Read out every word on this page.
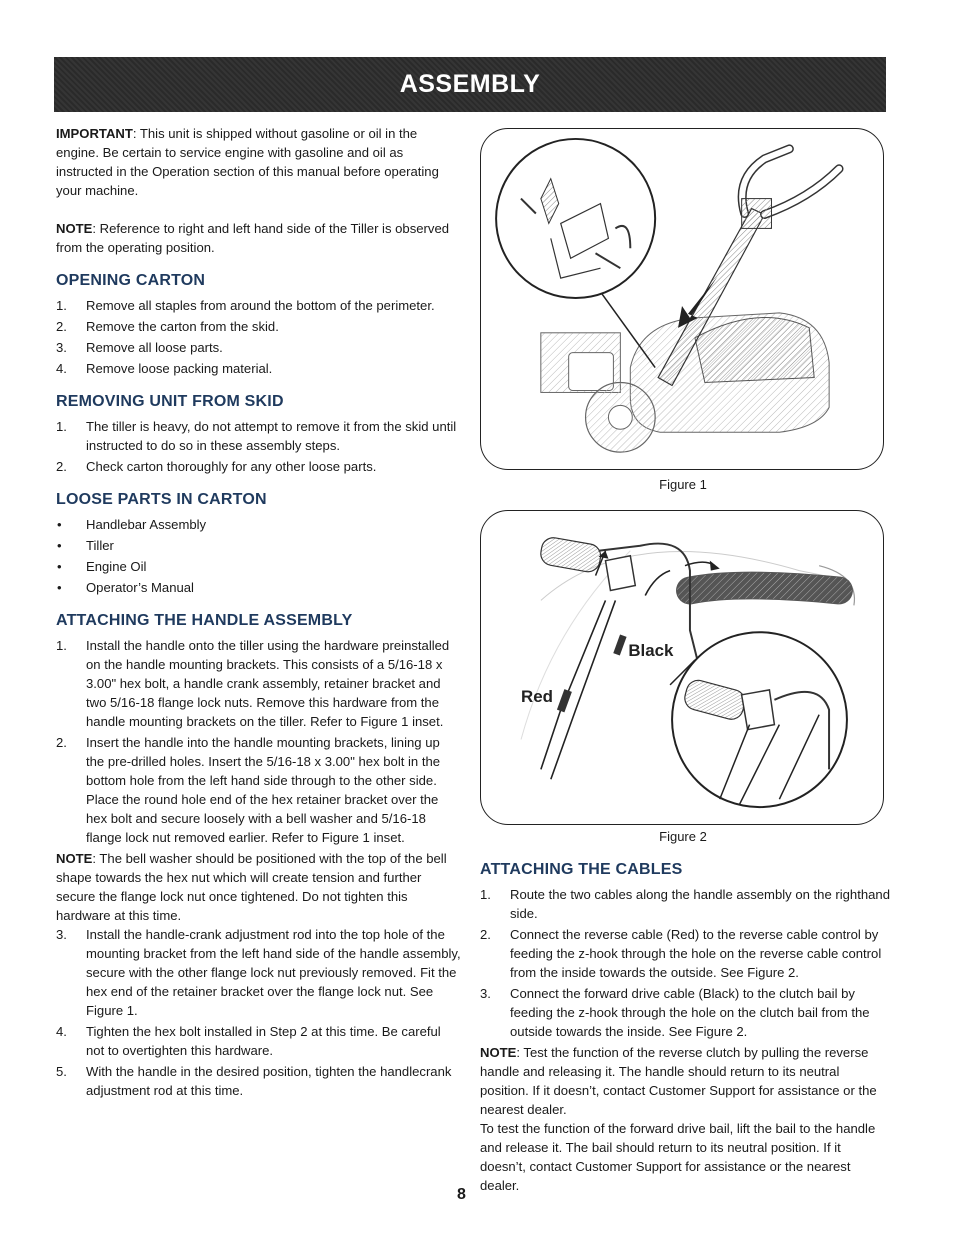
ASSEMBLY

IMPORTANT: This unit is shipped without gasoline or oil in the engine. Be certain to service engine with gasoline and oil as instructed in the Operation section of this manual before operating your machine.

NOTE: Reference to right and left hand side of the Tiller is observed from the operating position.

OPENING CARTON
1. Remove all staples from around the bottom of the perimeter.
2. Remove the carton from the skid.
3. Remove all loose parts.
4. Remove loose packing material.
REMOVING UNIT FROM SKID
1. The tiller is heavy, do not attempt to remove it from the skid until instructed to do so in these assembly steps.
2. Check carton thoroughly for any other loose parts.
LOOSE PARTS IN CARTON
• Handlebar Assembly
• Tiller
• Engine Oil
• Operator’s Manual
ATTACHING THE HANDLE ASSEMBLY
1. Install the handle onto the tiller using the hardware preinstalled on the handle mounting brackets. This consists of a 5/16-18 x 3.00" hex bolt, a handle crank assembly, retainer bracket and two 5/16-18 flange lock nuts. Remove this hardware from the handle mounting brackets on the tiller. Refer to Figure 1 inset.
2. Insert the handle into the handle mounting brackets, lining up the pre-drilled holes. Insert the 5/16-18 x 3.00" hex bolt in the bottom hole from the left hand side through to the other side. Place the round hole end of the hex retainer bracket over the hex bolt and secure loosely with a bell washer and 5/16-18 flange lock nut removed earlier. Refer to Figure 1 inset.

NOTE: The bell washer should be positioned with the top of the bell shape towards the hex nut which will create tension and further secure the flange lock nut once tightened. Do not tighten this hardware at this time.

3. Install the handle-crank adjustment rod into the top hole of the mounting bracket from the left hand side of the handle assembly, secure with the other flange lock nut previously removed. Fit the hex end of the retainer bracket over the flange lock nut. See Figure 1.
4. Tighten the hex bolt installed in Step 2 at this time. Be careful not to overtighten this hardware.
5. With the handle in the desired position, tighten the handlecrank adjustment rod at this time.
Figure 1
Black
Red
Figure 2
ATTACHING THE CABLES
1. Route the two cables along the handle assembly on the righthand side.
2. Connect the reverse cable (Red) to the reverse cable control by feeding the z-hook through the hole on the reverse cable control from the inside towards the outside. See Figure 2.
3. Connect the forward drive cable (Black) to the clutch bail by feeding the z-hook through the hole on the clutch bail from the outside towards the inside. See Figure 2.

NOTE: Test the function of the reverse clutch by pulling the reverse handle and releasing it. The handle should return to its neutral position. If it doesn’t, contact Customer Support for assistance or the nearest dealer.

To test the function of the forward drive bail, lift the bail to the handle and release it. The bail should return to its neutral position. If it doesn’t, contact Customer Support for assistance or the nearest dealer.

8
